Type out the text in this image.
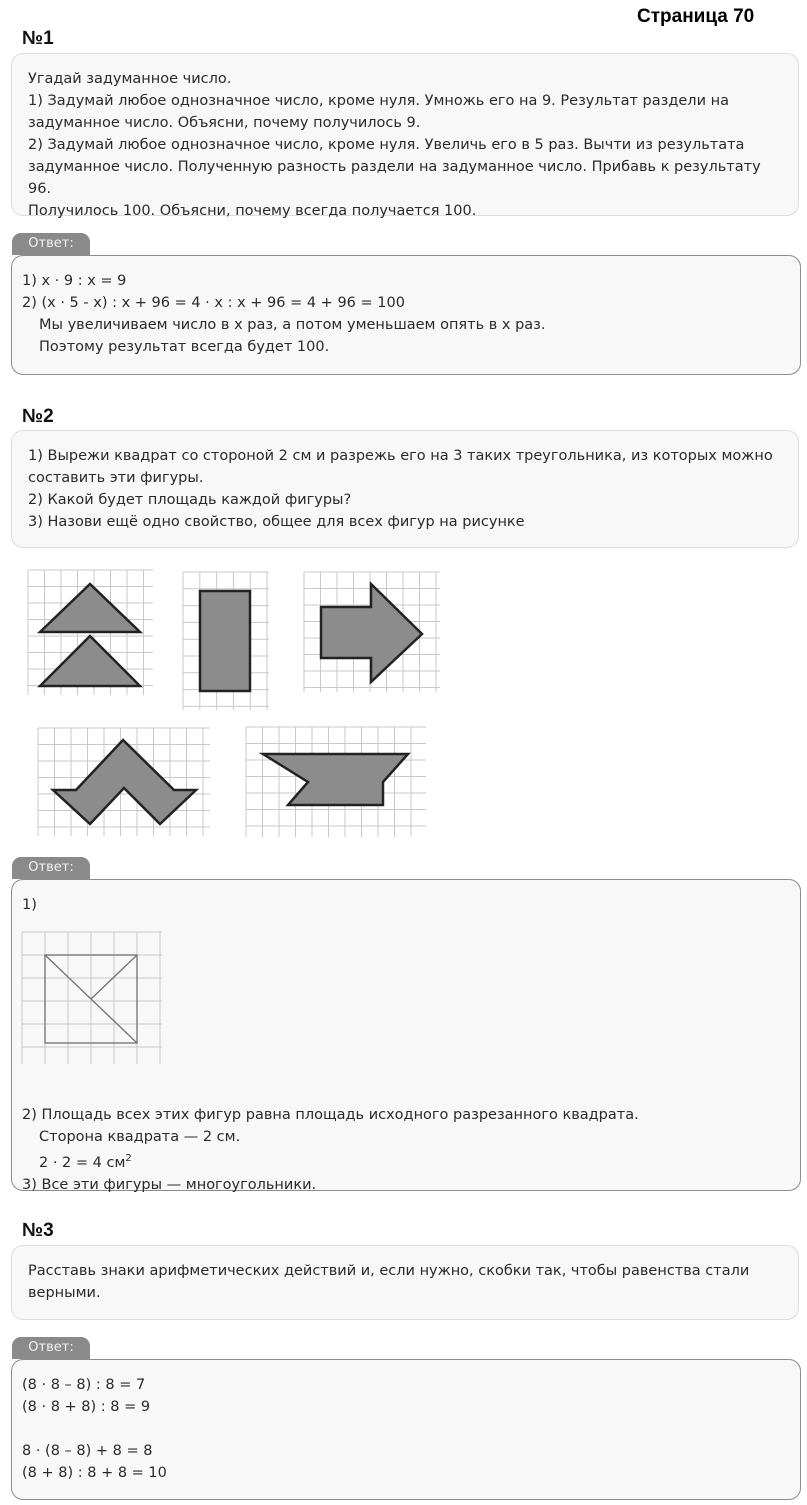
Страница 70
№1

Угадай задуманное число.

1) Задумай любое однозначное число, кроме нуля. Умножь его на 9. Результат раздели на

задуманное число. Объясни, почему получилось 9.

2) Задумай любое однозначное число, кроме нуля. Увеличь его в 5 раз. Вычти из результата

задуманное число. Полученную разность раздели на задуманное число. Прибавь к результату 96.

Получилось 100. Объясни, почему всегда получается 100.

Ответ:

1) x · 9 : x = 9

2) (x · 5 - x) : x + 96 = 4 · x : x + 96 = 4 + 96 = 100

Мы увеличиваем число в x раз, а потом уменьшаем опять в x раз.

Поэтому результат всегда будет 100.

№2

1) Вырежи квадрат со стороной 2 см и разрежь его на 3 таких треугольника, из которых можно

составить эти фигуры.

2) Какой будет площадь каждой фигуры?

3) Назови ещё одно свойство, общее для всех фигур на рисунке

Ответ:

1)

2) Площадь всех этих фигур равна площадь исходного разрезанного квадрата.

Сторона квадрата — 2 см.

2 · 2 = 4 $см^2$

3) Все эти фигуры — многоугольники.

№3

Расставь знаки арифметических действий и, если нужно, скобки так, чтобы равенства стали

верными.

Ответ:

(8 · 8 – 8) : 8 = 7

(8 · 8 + 8) : 8 = 9

8 · (8 – 8) + 8 = 8

(8 + 8) : 8 + 8 = 10
